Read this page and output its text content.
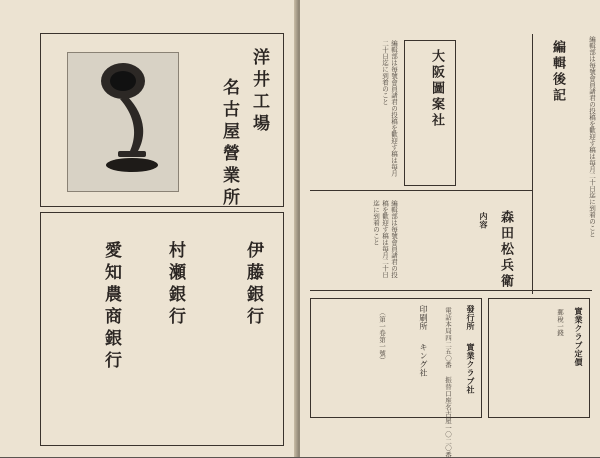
洋井工場
名古屋營業所
伊藤銀行
村瀬銀行
愛知農商銀行
編輯後記	編輯部は毎號會員諸君の投稿を歡迎す稿は毎月二十日迄に到着のこと
内容 森田松兵衛
大阪圖案社
編輯部は毎號會員諸君の投稿を歡迎す稿は毎月二十日迄に到着のこと
編輯部は毎號會員諸君の投稿を歡迎す稿は毎月二十日迄に到着のこと
實業クラブ定價
郵稅一錢
發行所
實業クラブ社
電話本局四二五〇番 振替口座名古屋一〇二〇番
印刷所
キング社
（第一卷第一號）
